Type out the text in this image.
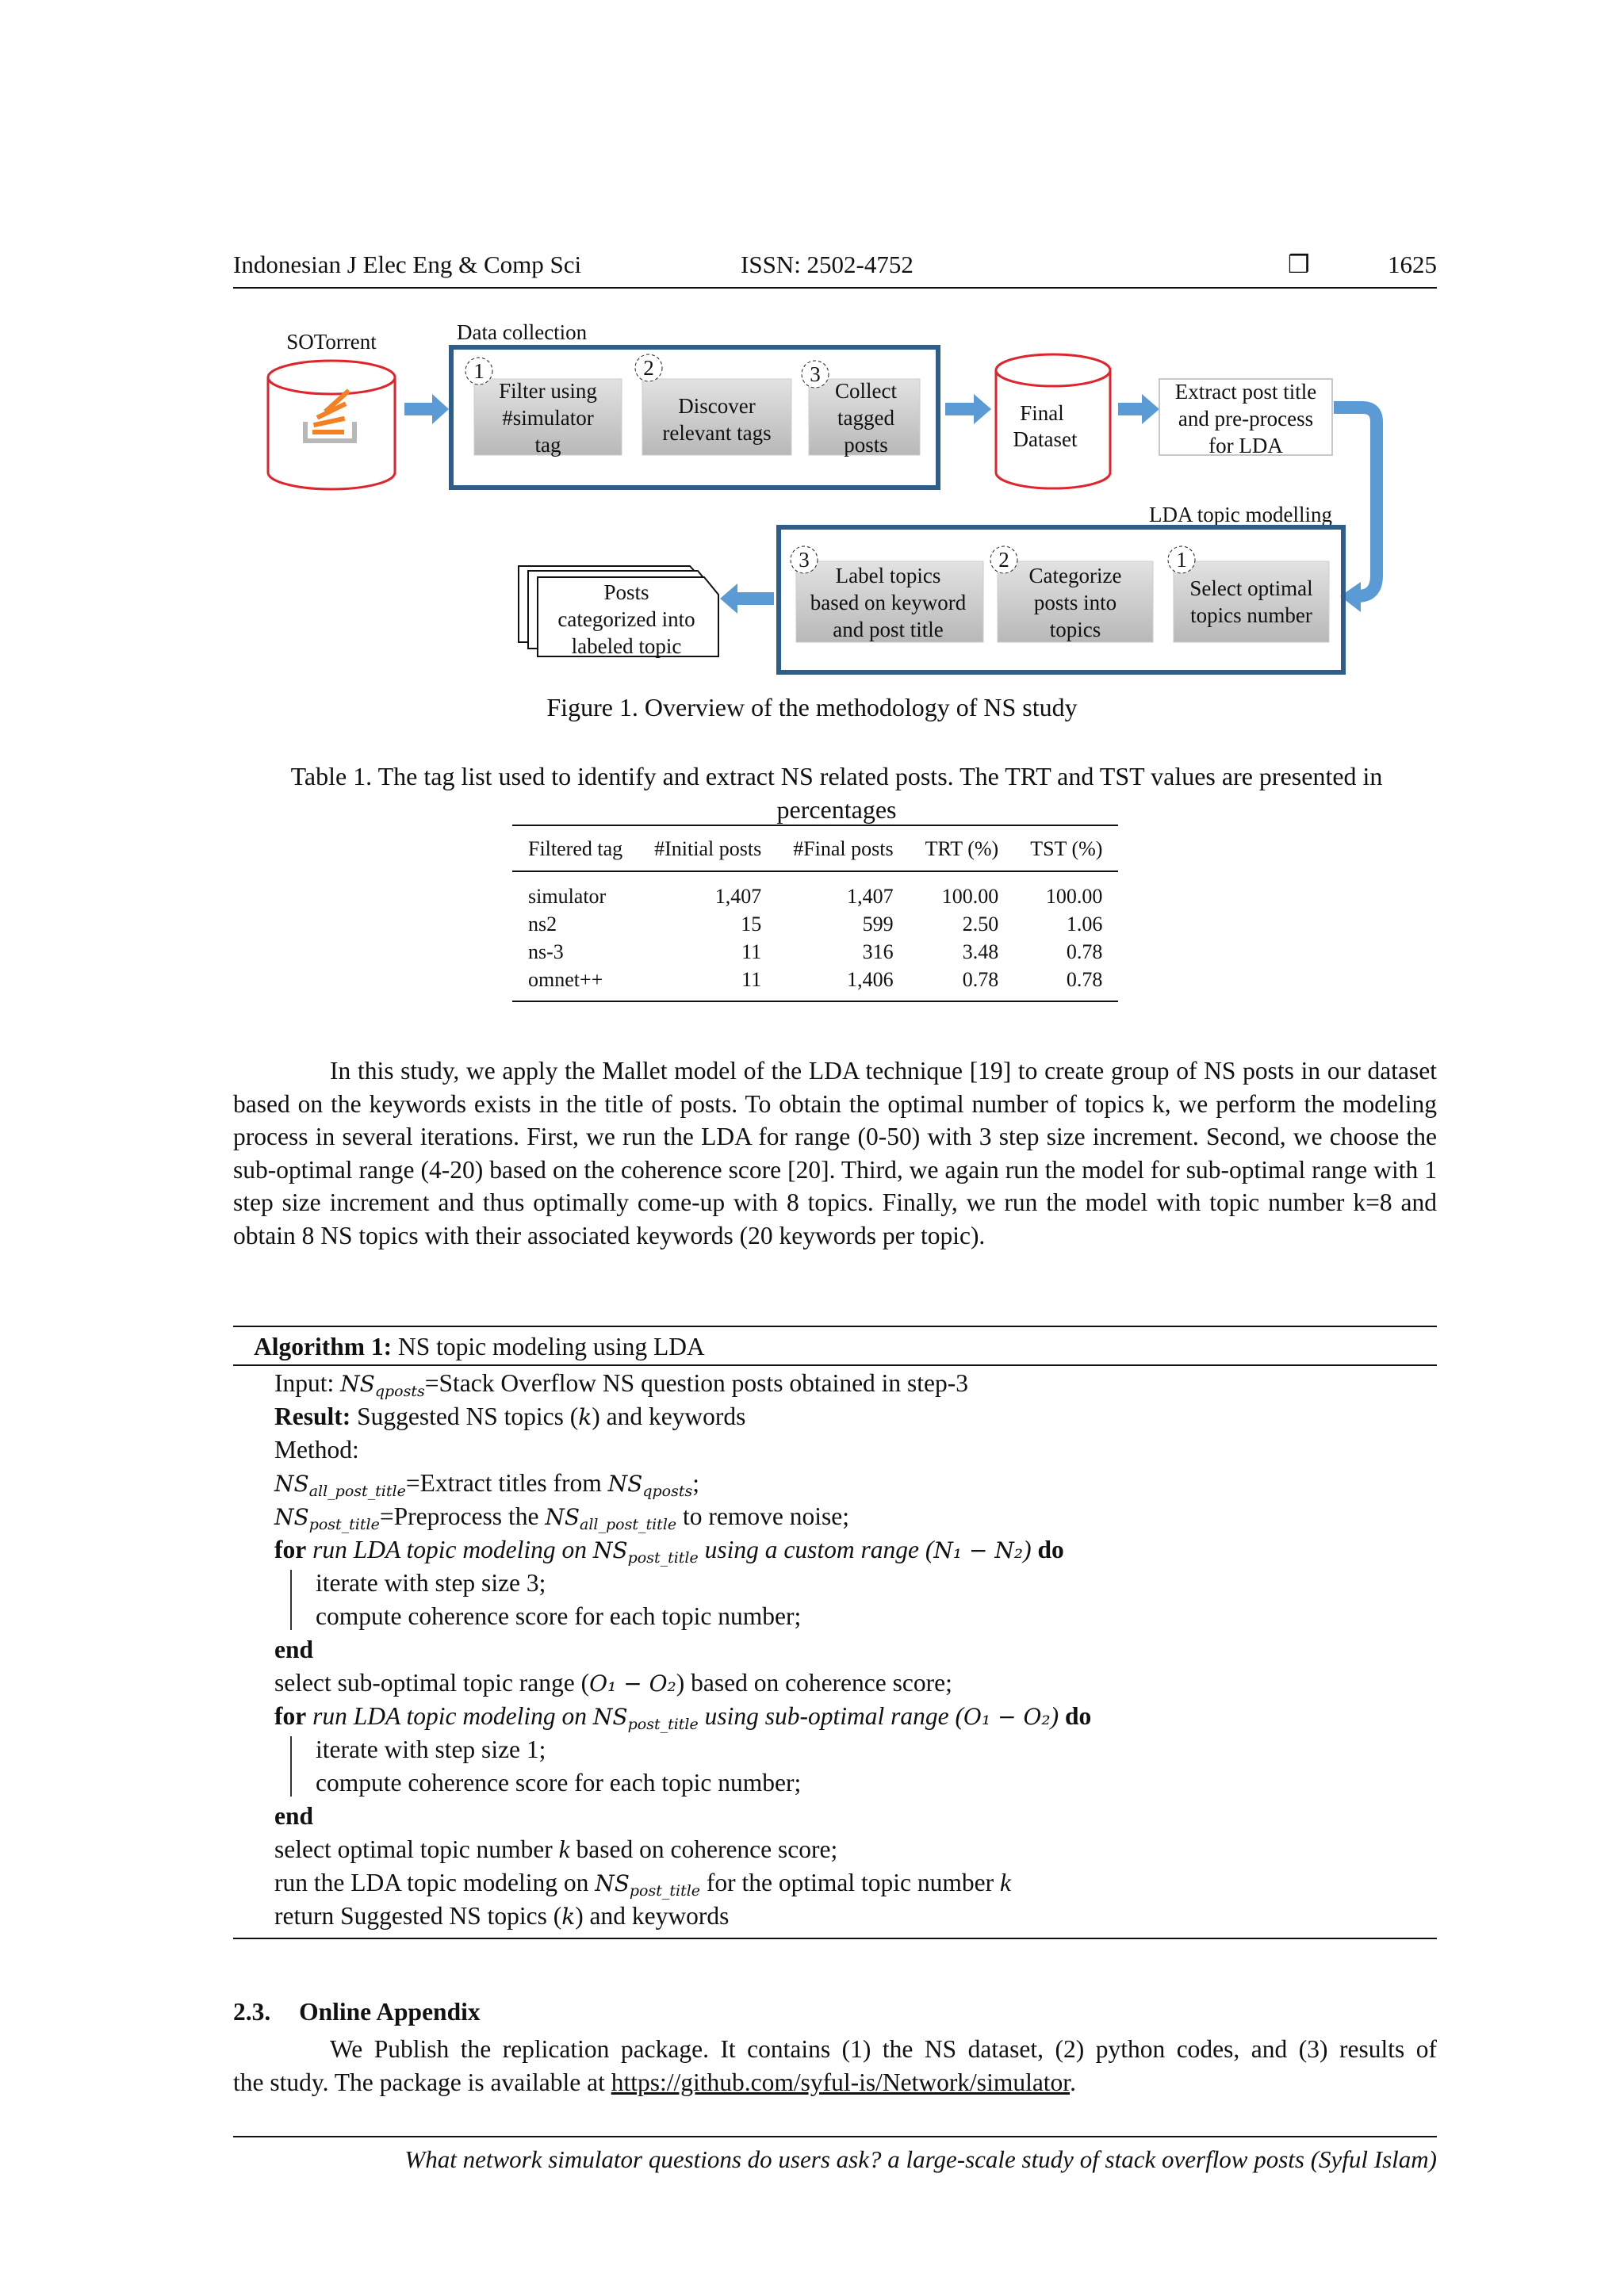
Indonesian J Elec Eng & Comp Sci	ISSN: 2502-4752	❒	1625
SOTorrent	Data collection
1
Filter using
#simulator
tag
2
Discover
relevant tags
3
Collect
tagged
posts
Final
Dataset
Extract post title
and pre-process
for LDA
LDA topic modelling
3
Label topics
based on keyword
and post title
2
Categorize
posts into
topics
1
Select optimal
topics number
Posts
categorized into
labeled topic
Figure 1. Overview of the methodology of NS study
Table 1. The tag list used to identify and extract NS related posts. The TRT and TST values are presented in
percentages
Filtered tag	#Initial posts	#Final posts	TRT (%)	TST (%)
simulator	1,407	1,407	100.00	100.00
ns2	15	599	2.50	1.06
ns-3	11	316	3.48	0.78
omnet++	11	1,406	0.78	0.78
In this study, we apply the Mallet model of the LDA technique [19] to create group of NS posts in our dataset based on the keywords exists in the title of posts. To obtain the optimal number of topics k, we perform the modeling process in several iterations. First, we run the LDA for range (0-50) with 3 step size increment. Second, we choose the sub-optimal range (4-20) based on the coherence score [20]. Third, we again run the model for sub-optimal range with 1 step size increment and thus optimally come-up with 8 topics. Finally, we run the model with topic number k=8 and obtain 8 NS topics with their associated keywords (20 keywords per topic).
Algorithm 1: NS topic modeling using LDA
Input: $NS_{qposts}=Stack$ Overflow NS question posts obtained in step-3
Result: Suggested NS topics (k) and keywords
Method:
$NS_{all\_post\_title}=Extract$ titles from $NS_{qposts}$;
$NS_{post\_title}=Preprocess$ the $NS_{all\_post\_title}$ to remove noise;
for run LDA topic modeling on $NS_{post\_title}$ using a custom range (N₁ − N₂) do
iterate with step size 3;
compute coherence score for each topic number;
end
select sub-optimal topic range (O₁ − O₂) based on coherence score;
for run LDA topic modeling on $NS_{post\_title}$ using sub-optimal range (O₁ − O₂) do
iterate with step size 1;
compute coherence score for each topic number;
end
select optimal topic number k based on coherence score;
run the LDA topic modeling on $NS_{post\_title}$ for the optimal topic number k
return Suggested NS topics (k) and keywords
2.3. Online Appendix
We Publish the replication package. It contains (1) the NS dataset, (2) python codes, and (3) results of
the study. The package is available at https://github.com/syful-is/Network/simulator.
What network simulator questions do users ask? a large-scale study of stack overflow posts (Syful Islam)
